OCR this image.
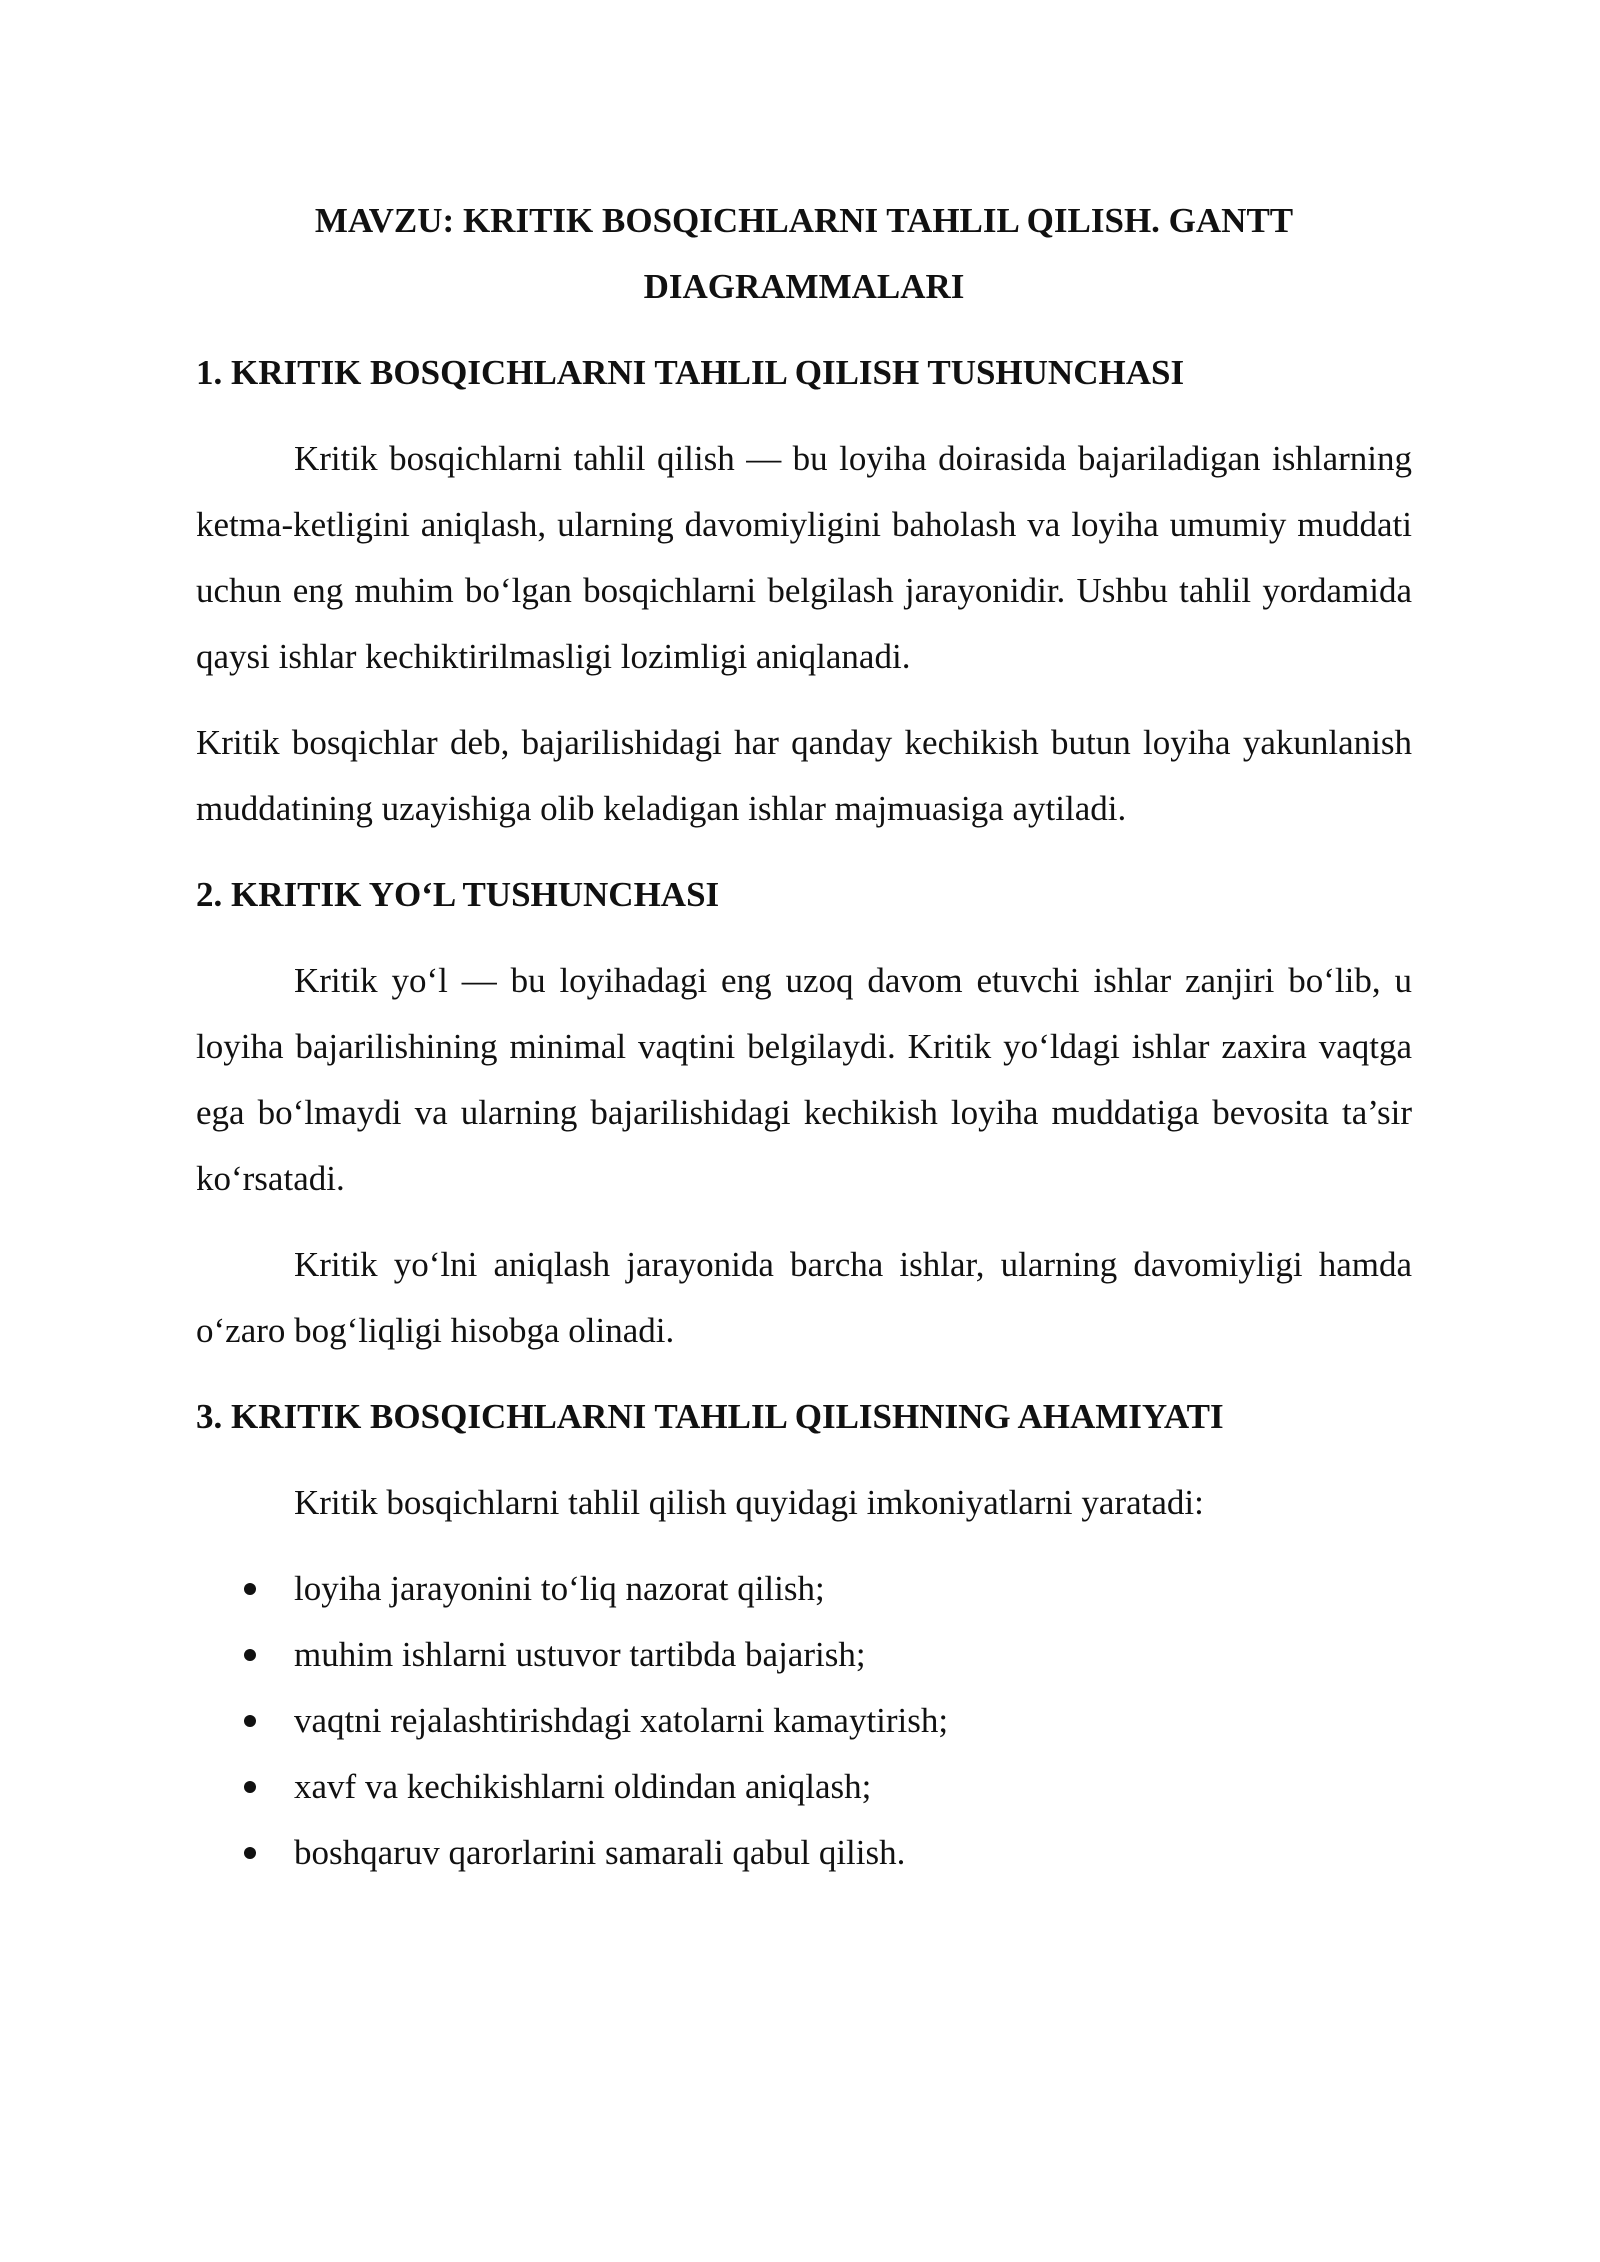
MAVZU: KRITIK BOSQICHLARNI TAHLIL QILISH. GANTT
DIAGRAMMALARI
1. KRITIK BOSQICHLARNI TAHLIL QILISH TUSHUNCHASI

Kritik bosqichlarni tahlil qilish — bu loyiha doirasida bajariladigan ishlarning ketma-ketligini aniqlash, ularning davomiyligini baholash va loyiha umumiy muddati uchun eng muhim bo‘lgan bosqichlarni belgilash jarayonidir. Ushbu tahlil yordamida qaysi ishlar kechiktirilmasligi lozimligi aniqlanadi.

Kritik bosqichlar deb, bajarilishidagi har qanday kechikish butun loyiha yakunlanish muddatining uzayishiga olib keladigan ishlar majmuasiga aytiladi.

2. KRITIK YO‘L TUSHUNCHASI

Kritik yo‘l — bu loyihadagi eng uzoq davom etuvchi ishlar zanjiri bo‘lib, u loyiha bajarilishining minimal vaqtini belgilaydi. Kritik yo‘ldagi ishlar zaxira vaqtga ega bo‘lmaydi va ularning bajarilishidagi kechikish loyiha muddatiga bevosita ta’sir ko‘rsatadi.

Kritik yo‘lni aniqlash jarayonida barcha ishlar, ularning davomiyligi hamda o‘zaro bog‘liqligi hisobga olinadi.

3. KRITIK BOSQICHLARNI TAHLIL QILISHNING AHAMIYATI

Kritik bosqichlarni tahlil qilish quyidagi imkoniyatlarni yaratadi:

loyiha jarayonini to‘liq nazorat qilish;
muhim ishlarni ustuvor tartibda bajarish;
vaqtni rejalashtirishdagi xatolarni kamaytirish;
xavf va kechikishlarni oldindan aniqlash;
boshqaruv qarorlarini samarali qabul qilish.
